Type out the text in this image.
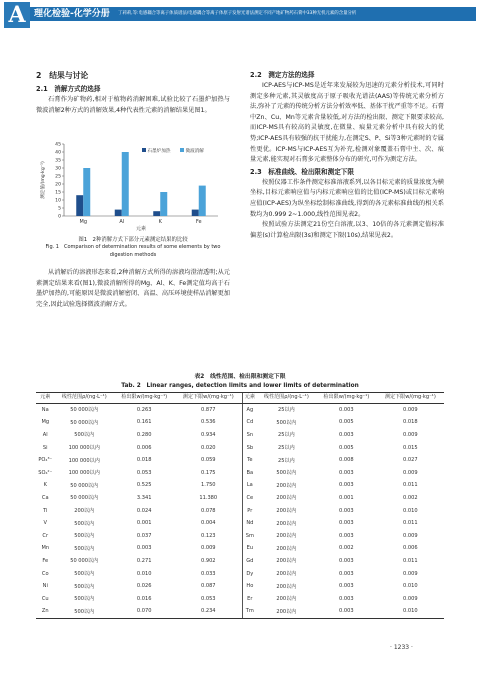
A 理化检验-化学分册 丁莉莉,等:电感耦合等离子体质谱法/电感耦合等离子体原子发射光谱法测定不同产地矿物药石膏中33种无机元素的含量分析
2　结果与讨论
2.1　消解方式的选择

石膏作为矿物药,相对于植物药消解困难,试验比较了石墨炉加热与微波消解2种方式的消解效果,4种代表性元素的消解结果见图1。

0
5
10
15
20
25
30
35
40
45
Mg	Al	K	Fe
元素
测定值/(mg·kg⁻¹)
石墨炉加热	微波消解
图1　2种消解方式下部分元素测定结果的比较
Fig. 1　Comparison of determination results of some elements by two digestion methods

从消解后的溶液形态来看,2种消解方式所得的溶液均澄清透明;从元素测定结果来看(图1),微波消解所得的Mg、Al、K、Fe测定值均高于石墨炉加热的,可能原因是微波消解密闭、高温、高压环境使样品消解更加完全,因此试验选择微波消解方式。

2.2　测定方法的选择

ICP-AES与ICP-MS是近年来发展较为迅速的元素分析技术,可同时测定多种元素,其灵敏度高于原子吸收光谱法(AAS)等传统元素分析方法,弥补了元素的传统分析方法分析效率低、基体干扰严重等不足。石膏中Zn、Cu、Mn等元素含量较低,对方法的检出限、测定下限要求较高,而ICP-MS具有较高的灵敏度,在微量、痕量元素分析中具有较大的优势;ICP-AES具有较强的抗干扰能力,在测定S、P、Si等3种元素时的专属性更优。ICP-MS与ICP-AES互为补充,检测对象覆盖石膏中主、次、痕量元素,能实现对石膏多元素整体分布的研究,可作为测定方法。

2.3　标准曲线、检出限和测定下限

按照仪器工作条件测定标准溶液系列,以各目标元素的质量浓度为横坐标,目标元素响应值与内标元素响应值的比值(ICP-MS)或目标元素响应值(ICP-AES)为纵坐标绘制标准曲线,得到的各元素标准曲线的相关系数均为0.999 2~1.000,线性范围见表2。

按照试验方法测定21份空白溶液,以3、10倍的各元素测定值标准偏差(s)计算检出限(3s)和测定下限(10s),结果见表2。

表2　线性范围、检出限和测定下限
Tab. 2　Linear ranges, detection limits and lower limits of determination
元素	线性范围ρ/(ng·L⁻¹)	检出限w/(mg·kg⁻¹)	测定下限w/(mg·kg⁻¹)	元素	线性范围ρ/(ng·L⁻¹)	检出限w/(mg·kg⁻¹)	测定下限w/(mg·kg⁻¹)
Na	50 000以内	0.263	0.877	Ag	25以内	0.003	0.009
Mg	50 000以内	0.161	0.536	Cd	500以内	0.005	0.018
Al	500以内	0.280	0.934	Sn	25以内	0.003	0.009
Si	100 000以内	0.006	0.020	Sb	25以内	0.005	0.015
PO₄³⁻	100 000以内	0.018	0.059	Te	25以内	0.008	0.027
SO₄²⁻	100 000以内	0.053	0.175	Ba	500以内	0.003	0.009
K	50 000以内	0.525	1.750	La	200以内	0.003	0.011
Ca	50 000以内	3.341	11.380	Ce	200以内	0.001	0.002
Ti	200以内	0.024	0.078	Pr	200以内	0.003	0.010
V	500以内	0.001	0.004	Nd	200以内	0.003	0.011
Cr	500以内	0.037	0.123	Sm	200以内	0.003	0.009
Mn	500以内	0.003	0.009	Eu	200以内	0.002	0.006
Fe	50 000以内	0.271	0.902	Gd	200以内	0.003	0.011
Co	500以内	0.010	0.033	Dy	200以内	0.003	0.009
Ni	500以内	0.026	0.087	Ho	200以内	0.003	0.010
Cu	500以内	0.016	0.053	Er	200以内	0.003	0.009
Zn	500以内	0.070	0.234	Tm	200以内	0.003	0.010
· 1233 ·
